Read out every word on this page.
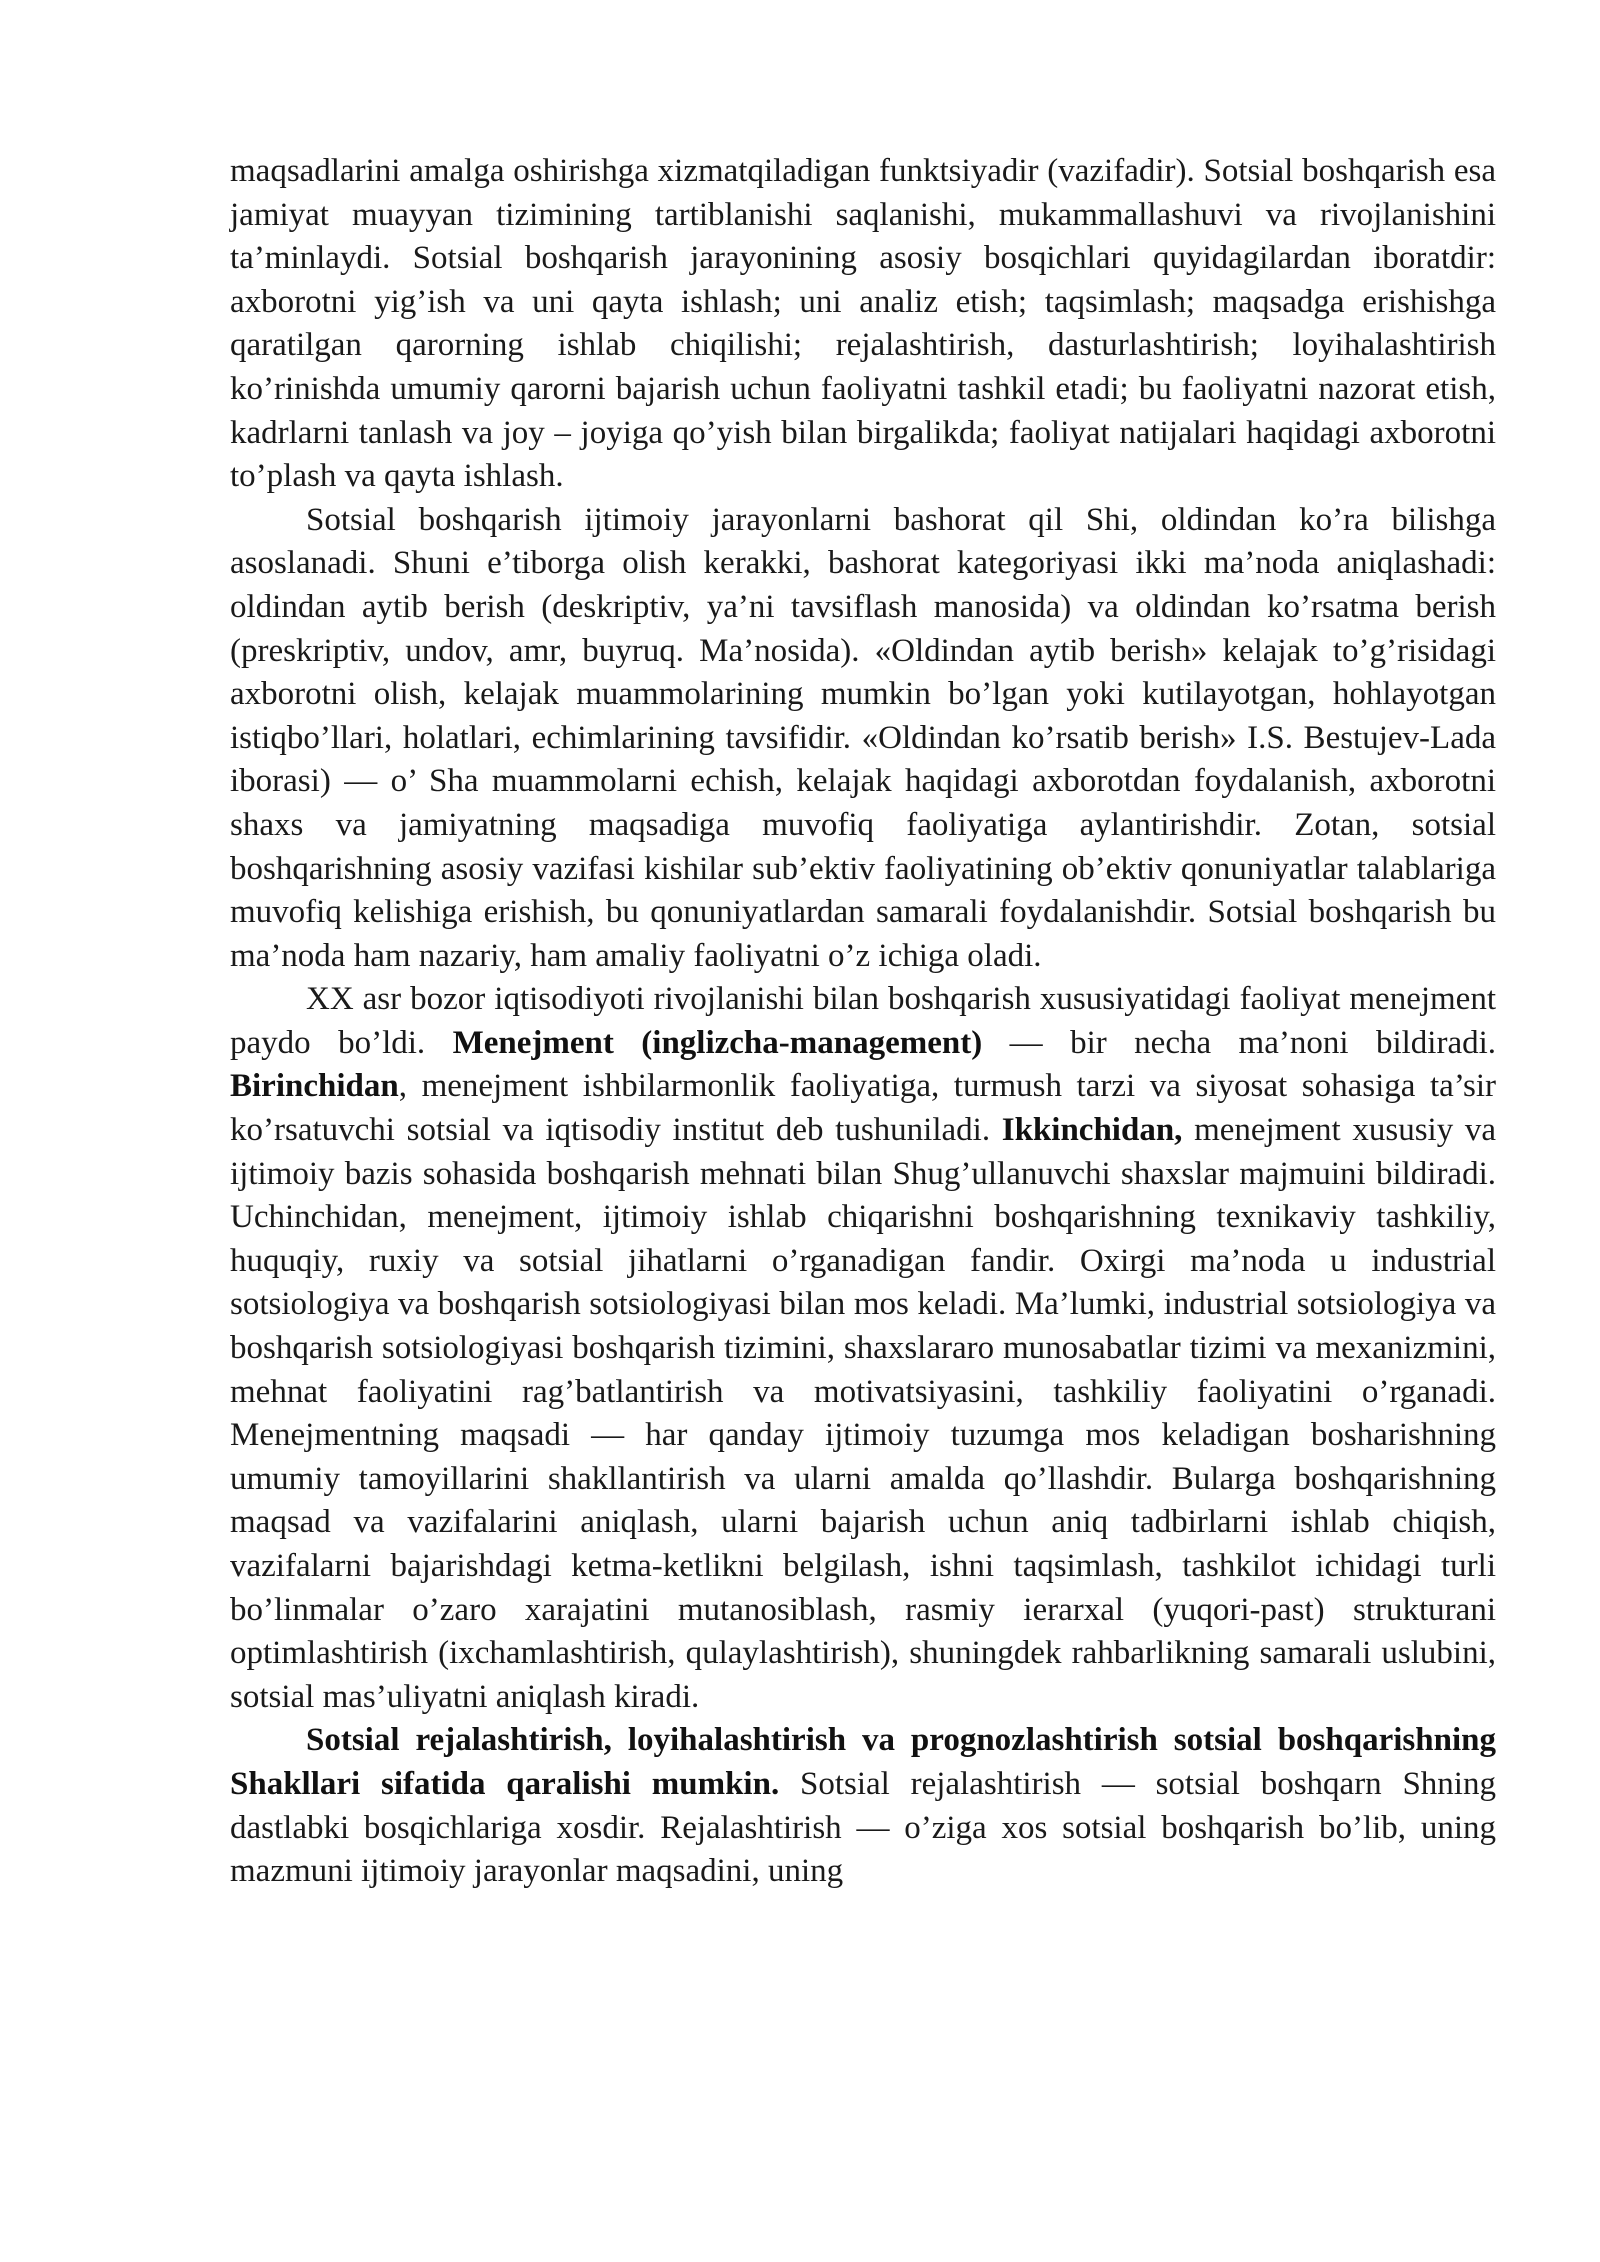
maqsadlarini amalga oshirishga xizmatqiladigan funktsiyadir (vazifadir). Sotsial boshqarish esa jamiyat muayyan tizimining tartiblanishi saqlanishi, mukammallashuvi va rivojlanishini ta’minlaydi. Sotsial boshqarish jarayonining asosiy bosqichlari quyidagilardan iboratdir: axborotni yig’ish va uni qayta ishlash; uni analiz etish; taqsimlash; maqsadga erishishga qaratilgan qarorning ishlab chiqilishi; rejalashtirish, dasturlashtirish; loyihalashtirish ko’rinishda umumiy qarorni bajarish uchun faoliyatni tashkil etadi; bu faoliyatni nazorat etish, kadrlarni tanlash va joy – joyiga qo’yish bilan birgalikda; faoliyat natijalari haqidagi axborotni to’plash va qayta ishlash.

Sotsial boshqarish ijtimoiy jarayonlarni bashorat qil Shi, oldindan ko’ra bilishga asoslanadi. Shuni e’tiborga olish kerakki, bashorat kategoriyasi ikki ma’noda aniqlashadi: oldindan aytib berish (deskriptiv, ya’ni tavsiflash manosida) va oldindan ko’rsatma berish (preskriptiv, undov, amr, buyruq. Ma’nosida). «Oldindan aytib berish» kelajak to’g’risidagi axborotni olish, kelajak muammolarining mumkin bo’lgan yoki kutilayotgan, hohlayotgan istiqbo’llari, holatlari, echimlarining tavsifidir. «Oldindan ko’rsatib berish» I.S. Bestujev-Lada iborasi) — o’ Sha muammolarni echish, kelajak haqidagi axborotdan foydalanish, axborotni shaxs va jamiyatning maqsadiga muvofiq faoliyatiga aylantirishdir. Zotan, sotsial boshqarishning asosiy vazifasi kishilar sub’ektiv faoliyatining ob’ektiv qonuniyatlar talablariga muvofiq kelishiga erishish, bu qonuniyatlardan samarali foydalanishdir. Sotsial boshqarish bu ma’noda ham nazariy, ham amaliy faoliyatni o’z ichiga oladi.

XX asr bozor iqtisodiyoti rivojlanishi bilan boshqarish xususiyatidagi faoliyat menejment paydo bo’ldi. Menejment (inglizcha-management) — bir necha ma’noni bildiradi. Birinchidan, menejment ishbilarmonlik faoliyatiga, turmush tarzi va siyosat sohasiga ta’sir ko’rsatuvchi sotsial va iqtisodiy institut deb tushuniladi. Ikkinchidan, menejment xususiy va ijtimoiy bazis sohasida boshqarish mehnati bilan Shug’ullanuvchi shaxslar majmuini bildiradi. Uchinchidan, menejment, ijtimoiy ishlab chiqarishni boshqarishning texnikaviy tashkiliy, huquqiy, ruxiy va sotsial jihatlarni o’rganadigan fandir. Oxirgi ma’noda u industrial sotsiologiya va boshqarish sotsiologiyasi bilan mos keladi. Ma’lumki, industrial sotsiologiya va boshqarish sotsiologiyasi boshqarish tizimini, shaxslararo munosabatlar tizimi va mexanizmini, mehnat faoliyatini rag’batlantirish va motivatsiyasini, tashkiliy faoliyatini o’rganadi. Menejmentning maqsadi — har qanday ijtimoiy tuzumga mos keladigan bosharishning umumiy tamoyillarini shakllantirish va ularni amalda qo’llashdir. Bularga boshqarishning maqsad va vazifalarini aniqlash, ularni bajarish uchun aniq tadbirlarni ishlab chiqish, vazifalarni bajarishdagi ketma-ketlikni belgilash, ishni taqsimlash, tashkilot ichidagi turli bo’linmalar o’zaro xarajatini mutanosiblash, rasmiy ierarxal (yuqori-past) strukturani optimlashtirish (ixchamlashtirish, qulaylashtirish), shuningdek rahbarlikning samarali uslubini, sotsial mas’uliyatni aniqlash kiradi.

Sotsial rejalashtirish, loyihalashtirish va prognozlashtirish sotsial boshqarishning Shakllari sifatida qaralishi mumkin. Sotsial rejalashtirish — sotsial boshqarn Shning dastlabki bosqichlariga xosdir. Rejalashtirish — o’ziga xos sotsial boshqarish bo’lib, uning mazmuni ijtimoiy jarayonlar maqsadini, uning
